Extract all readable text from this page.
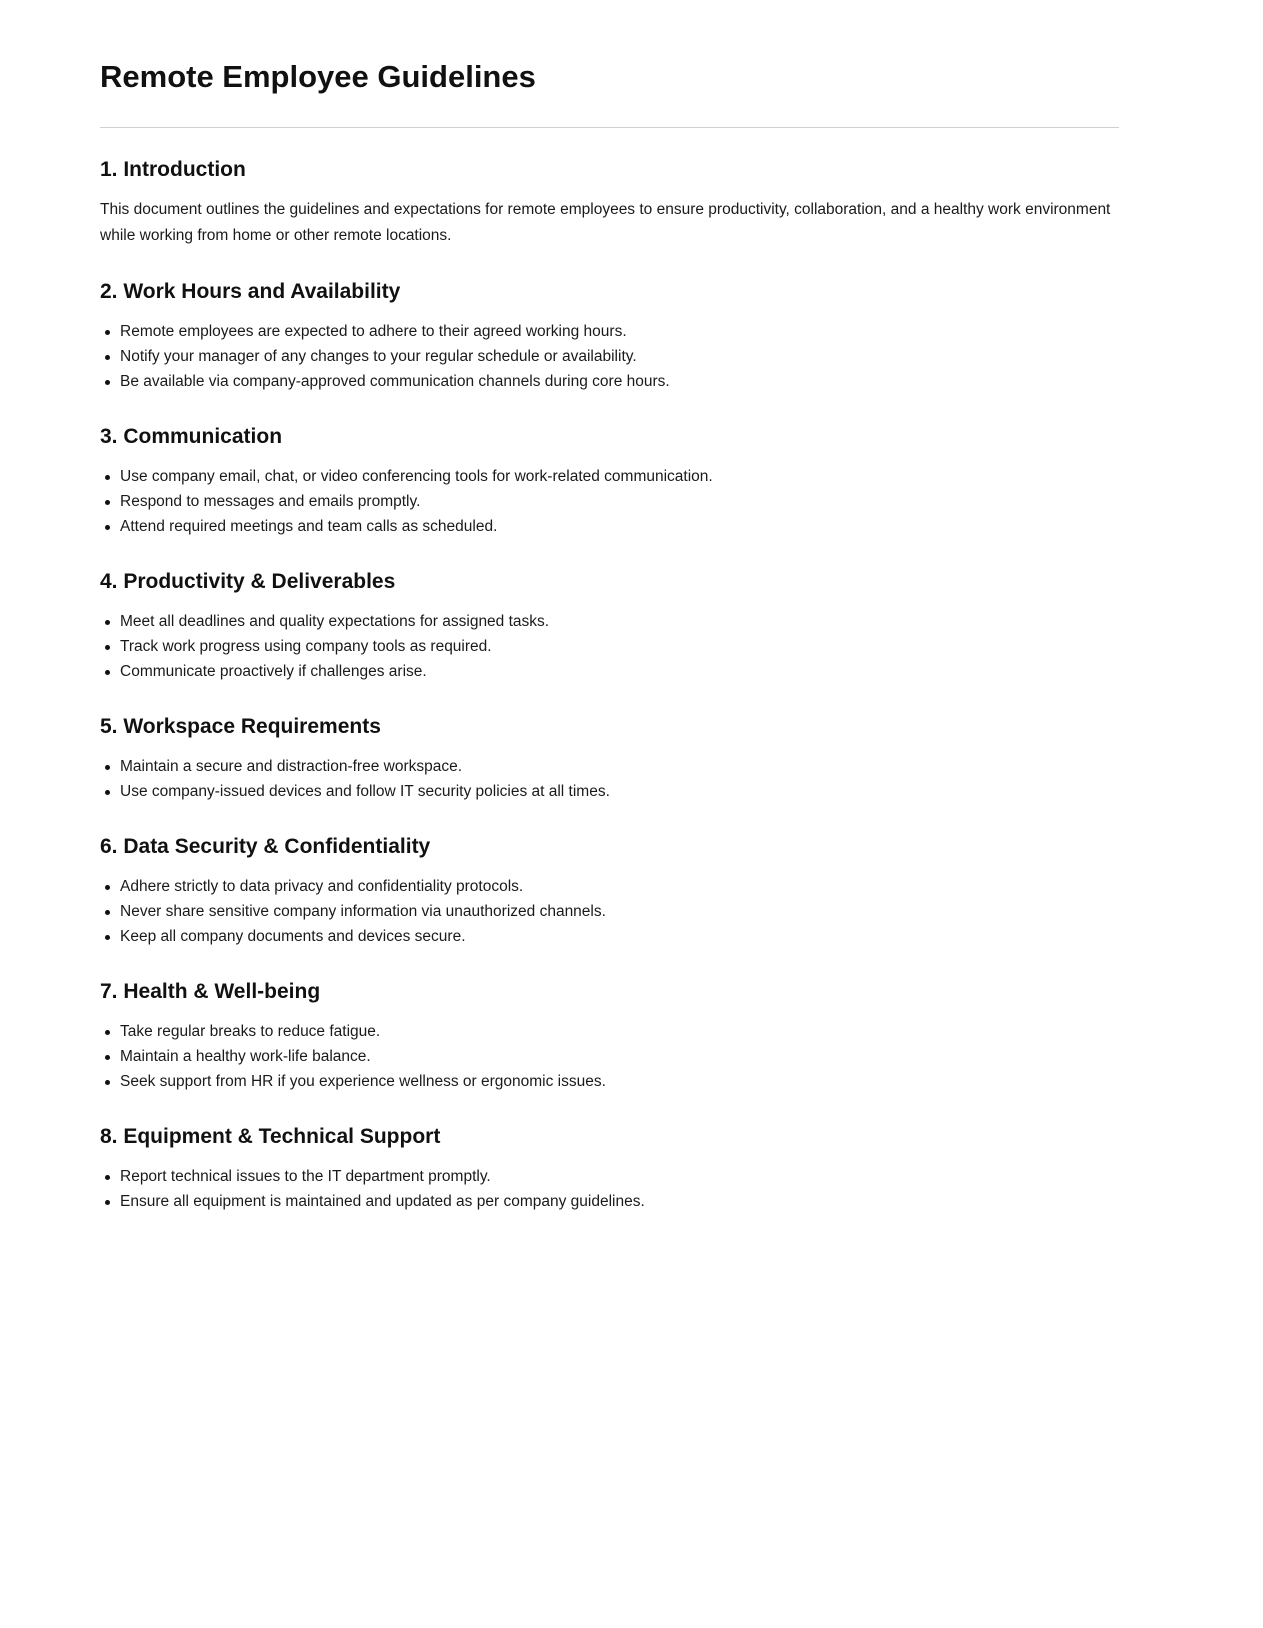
Remote Employee Guidelines
1. Introduction

This document outlines the guidelines and expectations for remote employees to ensure productivity, collaboration, and a healthy work environment while working from home or other remote locations.

2. Work Hours and Availability
Remote employees are expected to adhere to their agreed working hours.
Notify your manager of any changes to your regular schedule or availability.
Be available via company-approved communication channels during core hours.
3. Communication
Use company email, chat, or video conferencing tools for work-related communication.
Respond to messages and emails promptly.
Attend required meetings and team calls as scheduled.
4. Productivity & Deliverables
Meet all deadlines and quality expectations for assigned tasks.
Track work progress using company tools as required.
Communicate proactively if challenges arise.
5. Workspace Requirements
Maintain a secure and distraction-free workspace.
Use company-issued devices and follow IT security policies at all times.
6. Data Security & Confidentiality
Adhere strictly to data privacy and confidentiality protocols.
Never share sensitive company information via unauthorized channels.
Keep all company documents and devices secure.
7. Health & Well-being
Take regular breaks to reduce fatigue.
Maintain a healthy work-life balance.
Seek support from HR if you experience wellness or ergonomic issues.
8. Equipment & Technical Support
Report technical issues to the IT department promptly.
Ensure all equipment is maintained and updated as per company guidelines.
